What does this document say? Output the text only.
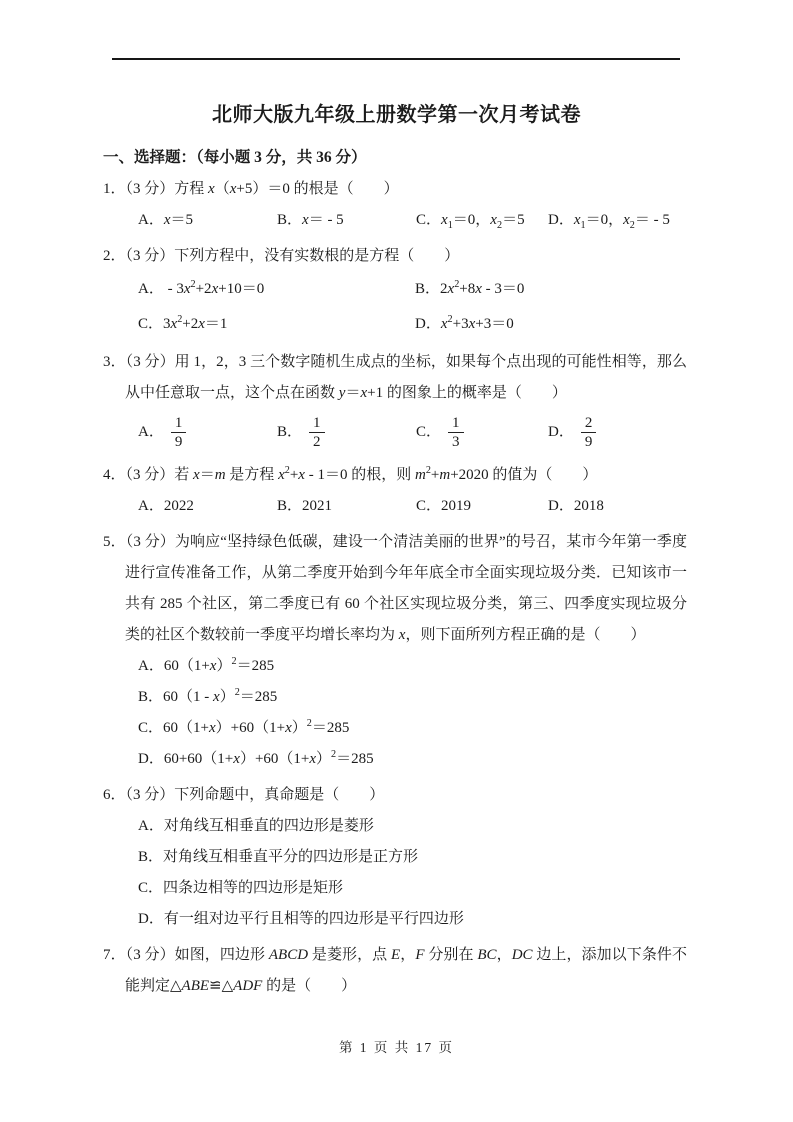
北师大版九年级上册数学第一次月考试卷
一、选择题：（每小题 3 分，共 36 分）

1．（3 分）方程 x（x+5）＝0 的根是（　　）

A．x＝5	B．x＝ - 5	C．$x_1=0$，$x_2=5$	D．$x_1=0$，$x_2= - 5$

2．（3 分）下列方程中，没有实数根的是方程（　　）

A． - $3x^2+2x+10=0$	B．$2x^2+8x - 3=0$
C．$3x^2+2x=1$	D．$x^2+3x+3=0$

3．（3 分）用 1，2，3 三个数字随机生成点的坐标，如果每个点出现的可能性相等，那么从中任意取一点，这个点在函数 y＝x+1 的图象上的概率是（　　）

A． $\frac{1}{9}$	B． $\frac{1}{2}$	C． $\frac{1}{3}$	D． $\frac{2}{9}$

4．（3 分）若 x＝m 是方程 $x^2+x - 1=0$ 的根，则 $m^2+m+2020$ 的值为（　　）

A．2022	B．2021	C．2019	D．2018

5．（3 分）为响应“坚持绿色低碳，建设一个清洁美丽的世界”的号召，某市今年第一季度进行宣传准备工作，从第二季度开始到今年年底全市全面实现垃圾分类．已知该市一共有 285 个社区，第二季度已有 60 个社区实现垃圾分类，第三、四季度实现垃圾分类的社区个数较前一季度平均增长率均为 x，则下面所列方程正确的是（　　）

A．$60(1+x)^2=285$
B．60（1 - x）$^2$＝285
C．$60(1+x)+60(1+x)^2=285$
D．$60+60(1+x)+60(1+x)^2=285$

6．（3 分）下列命题中，真命题是（　　）

A．对角线互相垂直的四边形是菱形
B．对角线互相垂直平分的四边形是正方形
C．四条边相等的四边形是矩形
D．有一组对边平行且相等的四边形是平行四边形

7．（3 分）如图，四边形 ABCD 是菱形，点 E，F 分别在 BC，DC 边上，添加以下条件不能判定△ABE≌△ADF 的是（　　）

第 1 页 共 17 页
